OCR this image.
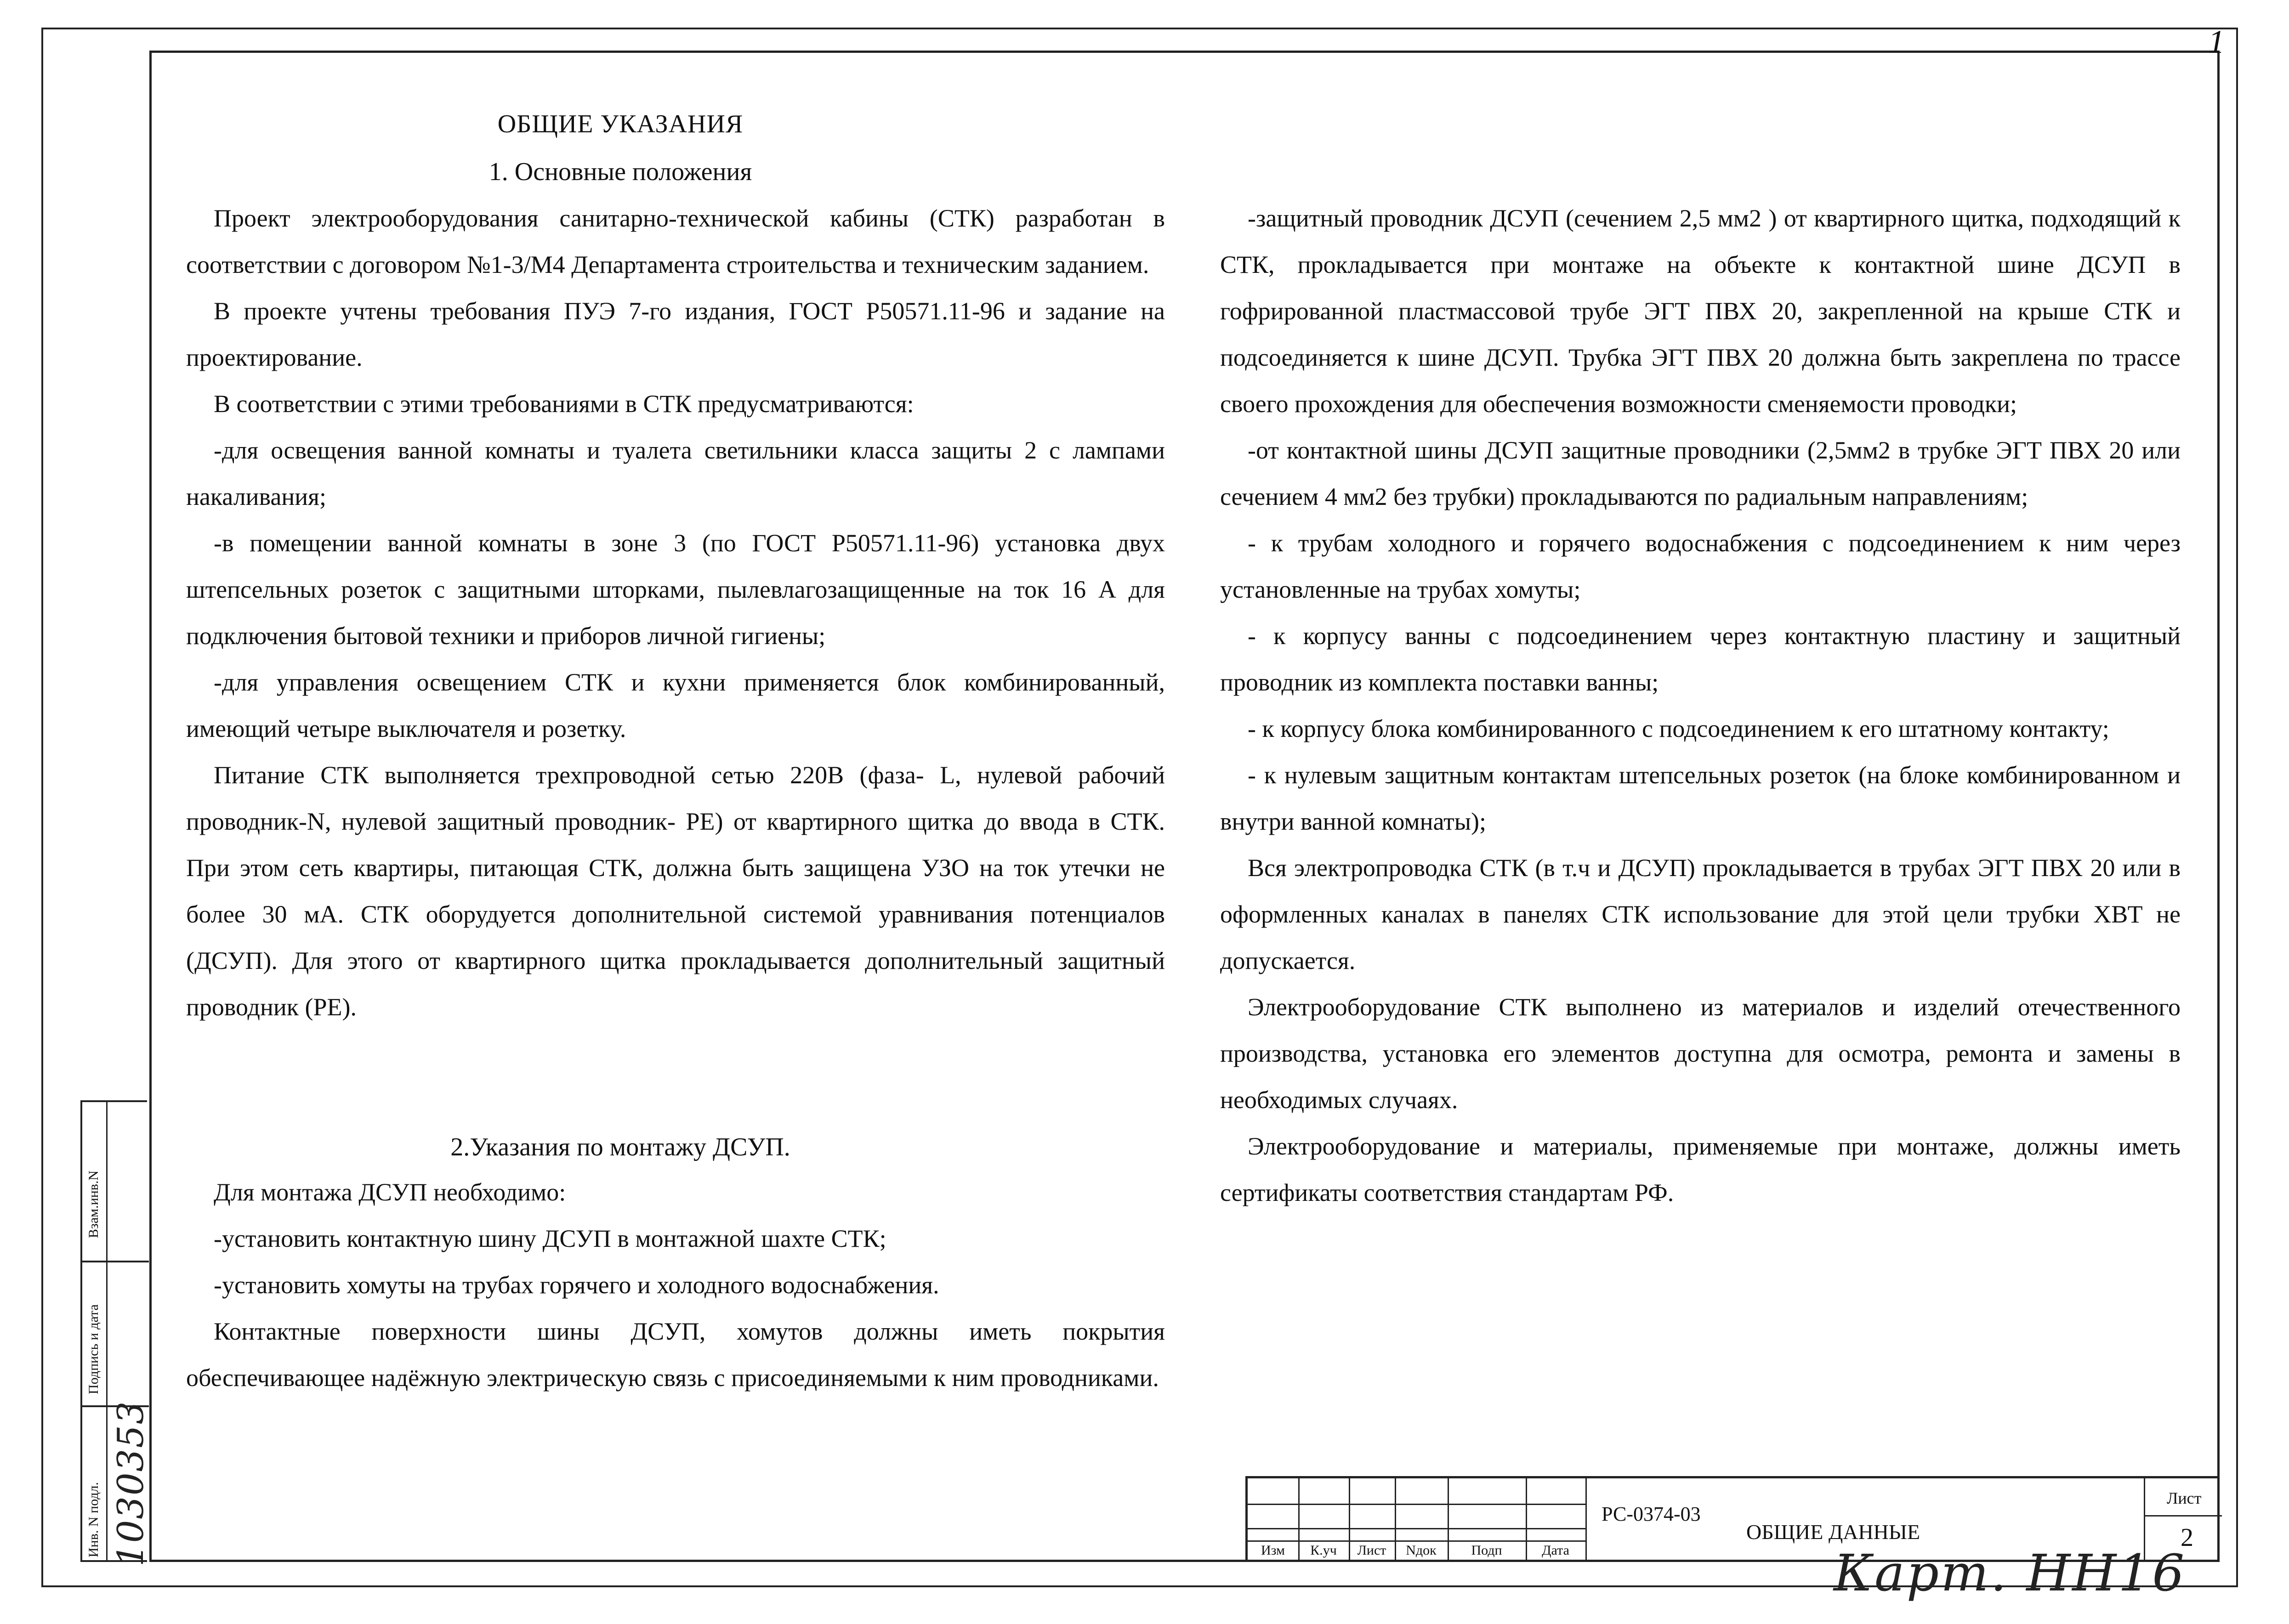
1
ОБЩИЕ УКАЗАНИЯ
1. Основные положения

Проект электрооборудования санитарно-технической кабины (СТК) разработан в соответствии с договором №1-3/М4 Департамента строительства и техническим заданием.

В проекте учтены требования ПУЭ 7-го издания, ГОСТ Р50571.11-96 и задание на проектирование.

В соответствии с этими требованиями в СТК предусматриваются:

-для освещения ванной комнаты и туалета светильники класса защиты 2 с лампами накаливания;

-в помещении ванной комнаты в зоне 3 (по ГОСТ Р50571.11-96) установка двух штепсельных розеток с защитными шторками, пылевлагозащищенные на ток 16 А для подключения бытовой техники и приборов личной гигиены;

-для управления освещением СТК и кухни применяется блок комбинированный, имеющий четыре выключателя и розетку.

Питание СТК выполняется трехпроводной сетью 220В (фаза- L, нулевой рабочий проводник-N, нулевой защитный проводник- PE) от квартирного щитка до ввода в СТК. При этом сеть квартиры, питающая СТК, должна быть защищена УЗО на ток утечки не более 30 мА. СТК оборудуется дополнительной системой уравнивания потенциалов (ДСУП). Для этого от квартирного щитка прокладывается дополнительный защитный проводник (РЕ).

2.Указания по монтажу ДСУП.

Для монтажа ДСУП необходимо:

-установить контактную шину ДСУП в монтажной шахте СТК;

-установить хомуты на трубах горячего и холодного водоснабжения.

Контактные поверхности шины ДСУП, хомутов должны иметь покрытия обеспечивающее надёжную электрическую связь с присоединяемыми к ним проводниками.

-защитный проводник ДСУП (сечением 2,5 мм2 ) от квартирного щитка, подходящий к СТК, прокладывается при монтаже на объекте к контактной шине ДСУП в гофрированной пластмассовой трубе ЭГТ ПВХ 20, закрепленной на крыше СТК и подсоединяется к шине ДСУП. Трубка ЭГТ ПВХ 20 должна быть закреплена по трассе своего прохождения для обеспечения возможности сменяемости проводки;

-от контактной шины ДСУП защитные проводники (2,5мм2 в трубке ЭГТ ПВХ 20 или сечением 4 мм2 без трубки) прокладываются по радиальным направлениям;

- к трубам холодного и горячего водоснабжения с подсоединением к ним через установленные на трубах хомуты;

- к корпусу ванны с подсоединением через контактную пластину и защитный проводник из комплекта поставки ванны;

- к корпусу блока комбинированного с подсоединением к его штатному контакту;

- к нулевым защитным контактам штепсельных розеток (на блоке комбинированном и внутри ванной комнаты);

Вся электропроводка СТК (в т.ч и ДСУП) прокладывается в трубах ЭГТ ПВХ 20 или в оформленных каналах в панелях СТК использование для этой цели трубки ХВТ не допускается.

Электрооборудование СТК выполнено из материалов и изделий отечественного производства, установка его элементов доступна для осмотра, ремонта и замены в необходимых случаях.

Электрооборудование и материалы, применяемые при монтаже, должны иметь сертификаты соответствия стандартам РФ.

Взам.инв.N
Подпись и дата
Инв. N подл. 1030353	Изм	К.уч	Лист	Nдок	Подп	Дата
РС-0374-03
ОБЩИЕ ДАННЫЕ
Лист
2
Карт. НН16
